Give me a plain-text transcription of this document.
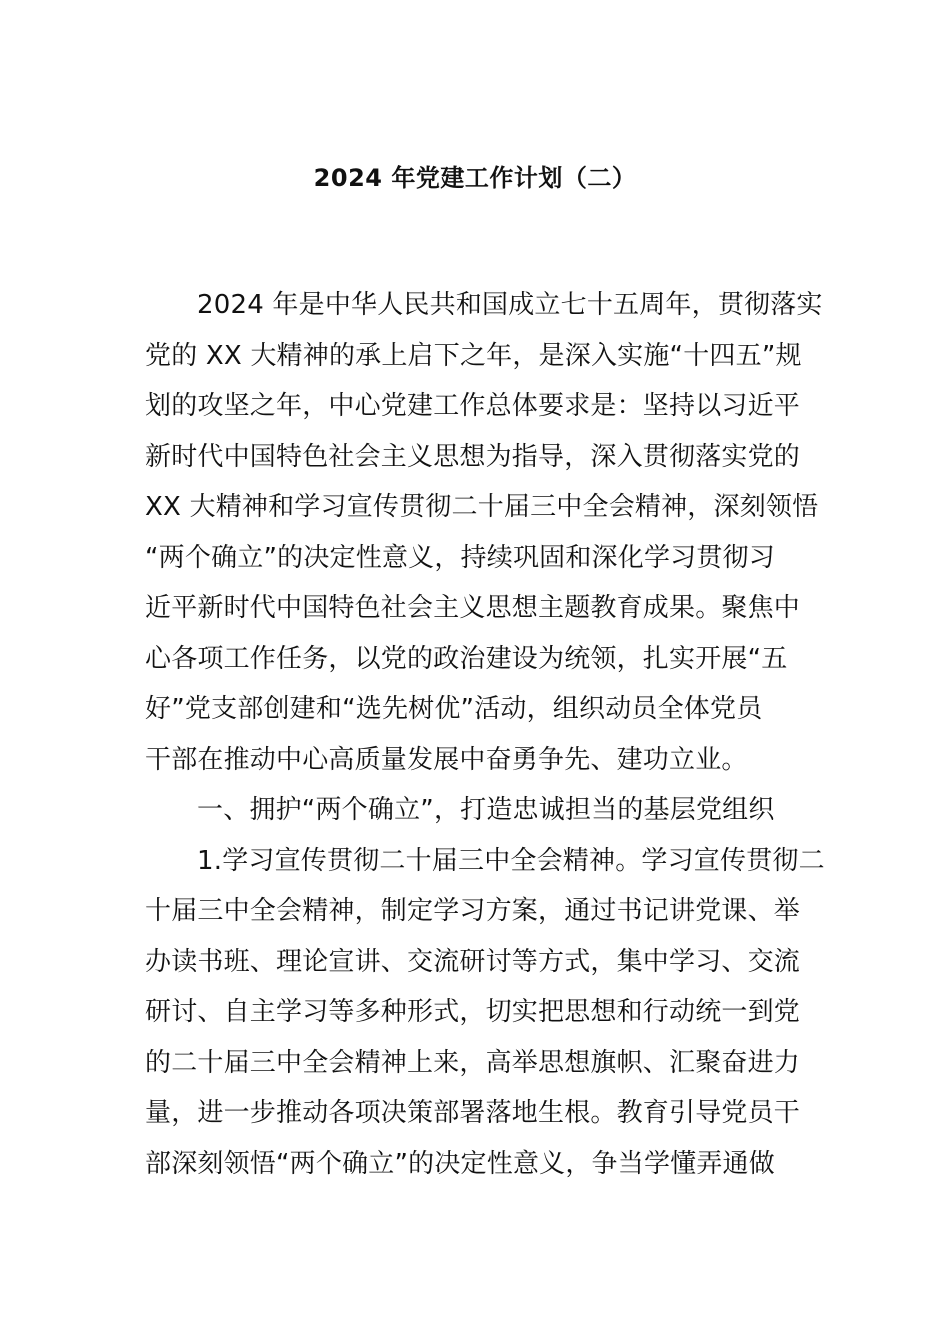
2024 年党建工作计划（二）
2024 年是中华人民共和国成立七十五周年，贯彻落实
党的 XX 大精神的承上启下之年，是深入实施“十四五”规
划的攻坚之年，中心党建工作总体要求是：坚持以习近平
新时代中国特色社会主义思想为指导，深入贯彻落实党的
XX 大精神和学习宣传贯彻二十届三中全会精神，深刻领悟
“两个确立”的决定性意义，持续巩固和深化学习贯彻习
近平新时代中国特色社会主义思想主题教育成果。聚焦中
心各项工作任务，以党的政治建设为统领，扎实开展“五
好”党支部创建和“选先树优”活动，组织动员全体党员
干部在推动中心高质量发展中奋勇争先、建功立业。
一、拥护“两个确立”，打造忠诚担当的基层党组织
1.学习宣传贯彻二十届三中全会精神。学习宣传贯彻二
十届三中全会精神，制定学习方案，通过书记讲党课、举
办读书班、理论宣讲、交流研讨等方式，集中学习、交流
研讨、自主学习等多种形式，切实把思想和行动统一到党
的二十届三中全会精神上来，高举思想旗帜、汇聚奋进力
量，进一步推动各项决策部署落地生根。教育引导党员干
部深刻领悟“两个确立”的决定性意义，争当学懂弄通做
